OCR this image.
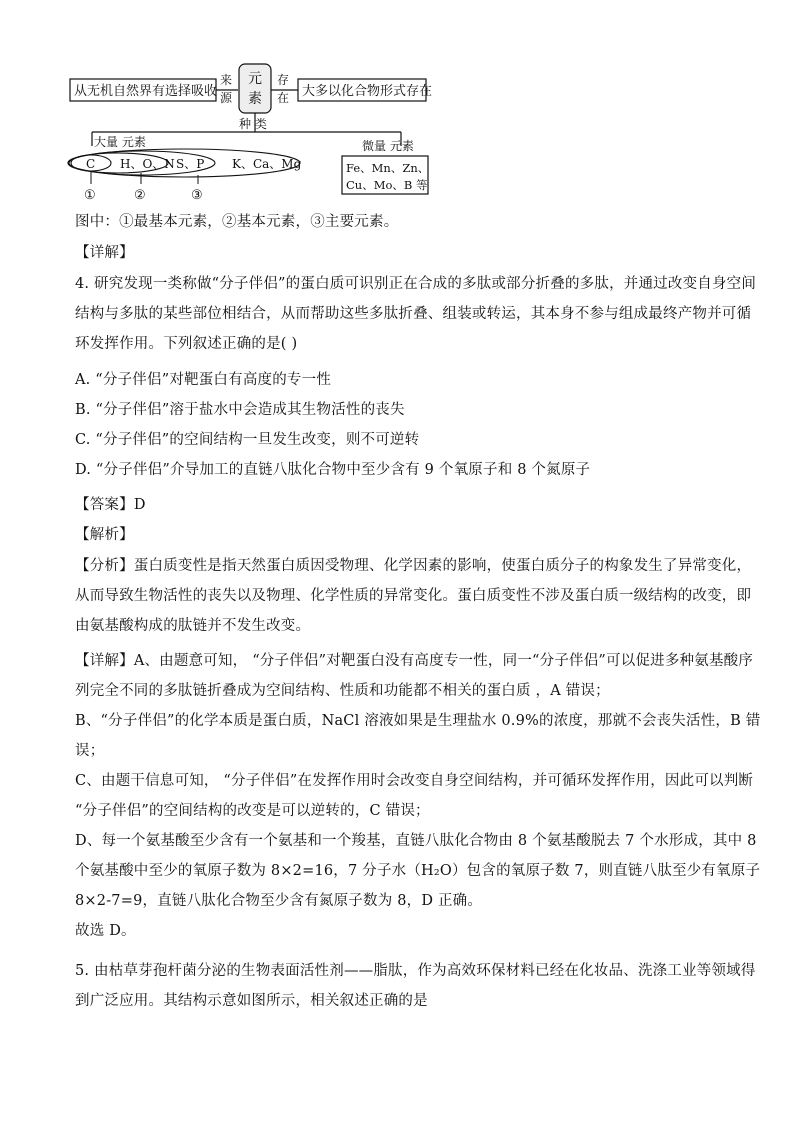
从无机自然界有选择吸收
来
源
元
素
存
在 大多以化合物形式存在
种 类
大量 元素	微量 元素
C H、O、N S、P K、Ca、Mg
①	②	③
Fe、Mn、Zn、
Cu、Mo、B 等

图中：①最基本元素，②基本元素，③主要元素。

【详解】

4. 研究发现一类称做“分子伴侣”的蛋白质可识别正在合成的多肽或部分折叠的多肽，并通过改变自身空间
结构与多肽的某些部位相结合，从而帮助这些多肽折叠、组装或转运，其本身不参与组成最终产物并可循
环发挥作用。下列叙述正确的是( )
A. “分子伴侣”对靶蛋白有高度的专一性
B. “分子伴侣”溶于盐水中会造成其生物活性的丧失
C. “分子伴侣”的空间结构一旦发生改变，则不可逆转
D. “分子伴侣”介导加工的直链八肽化合物中至少含有 9 个氧原子和 8 个氮原子

【答案】D

【解析】

【分析】蛋白质变性是指天然蛋白质因受物理、化学因素的影响，使蛋白质分子的构象发生了异常变化，
从而导致生物活性的丧失以及物理、化学性质的异常变化。蛋白质变性不涉及蛋白质一级结构的改变，即
由氨基酸构成的肽链并不发生改变。
【详解】A、由题意可知， “分子伴侣”对靶蛋白没有高度专一性，同一“分子伴侣”可以促进多种氨基酸序
列完全不同的多肽链折叠成为空间结构、性质和功能都不相关的蛋白质 ，A 错误；
B、“分子伴侣”的化学本质是蛋白质，NaCl 溶液如果是生理盐水 0.9%的浓度，那就不会丧失活性，B 错
误；
C、由题干信息可知， “分子伴侣”在发挥作用时会改变自身空间结构，并可循环发挥作用，因此可以判断
“分子伴侣”的空间结构的改变是可以逆转的，C 错误；
D、每一个氨基酸至少含有一个氨基和一个羧基，直链八肽化合物由 8 个氨基酸脱去 7 个水形成，其中 8
个氨基酸中至少的氧原子数为 8×2=16，7 分子水（H₂O）包含的氧原子数 7，则直链八肽至少有氧原子
8×2-7=9，直链八肽化合物至少含有氮原子数为 8，D 正确。
故选 D。
5. 由枯草芽孢杆菌分泌的生物表面活性剂——脂肽，作为高效环保材料已经在化妆品、洗涤工业等领域得
到广泛应用。其结构示意如图所示，相关叙述正确的是
